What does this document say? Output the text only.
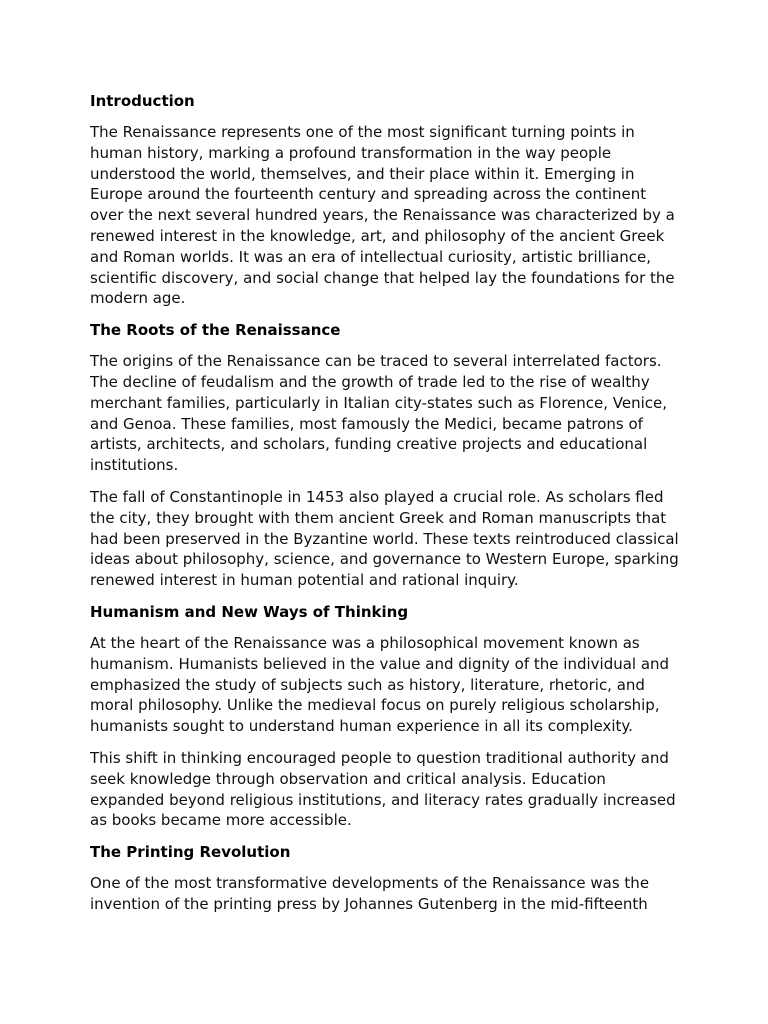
Introduction

The Renaissance represents one of the most significant turning points in human history, marking a profound transformation in the way people understood the world, themselves, and their place within it. Emerging in Europe around the fourteenth century and spreading across the continent over the next several hundred years, the Renaissance was characterized by a renewed interest in the knowledge, art, and philosophy of the ancient Greek and Roman worlds. It was an era of intellectual curiosity, artistic brilliance, scientific discovery, and social change that helped lay the foundations for the modern age.

The Roots of the Renaissance

The origins of the Renaissance can be traced to several interrelated factors. The decline of feudalism and the growth of trade led to the rise of wealthy merchant families, particularly in Italian city-states such as Florence, Venice, and Genoa. These families, most famously the Medici, became patrons of artists, architects, and scholars, funding creative projects and educational institutions.

The fall of Constantinople in 1453 also played a crucial role. As scholars fled the city, they brought with them ancient Greek and Roman manuscripts that had been preserved in the Byzantine world. These texts reintroduced classical ideas about philosophy, science, and governance to Western Europe, sparking renewed interest in human potential and rational inquiry.

Humanism and New Ways of Thinking

At the heart of the Renaissance was a philosophical movement known as humanism. Humanists believed in the value and dignity of the individual and emphasized the study of subjects such as history, literature, rhetoric, and moral philosophy. Unlike the medieval focus on purely religious scholarship, humanists sought to understand human experience in all its complexity.

This shift in thinking encouraged people to question traditional authority and seek knowledge through observation and critical analysis. Education expanded beyond religious institutions, and literacy rates gradually increased as books became more accessible.

The Printing Revolution

One of the most transformative developments of the Renaissance was the invention of the printing press by Johannes Gutenberg in the mid-fifteenth
